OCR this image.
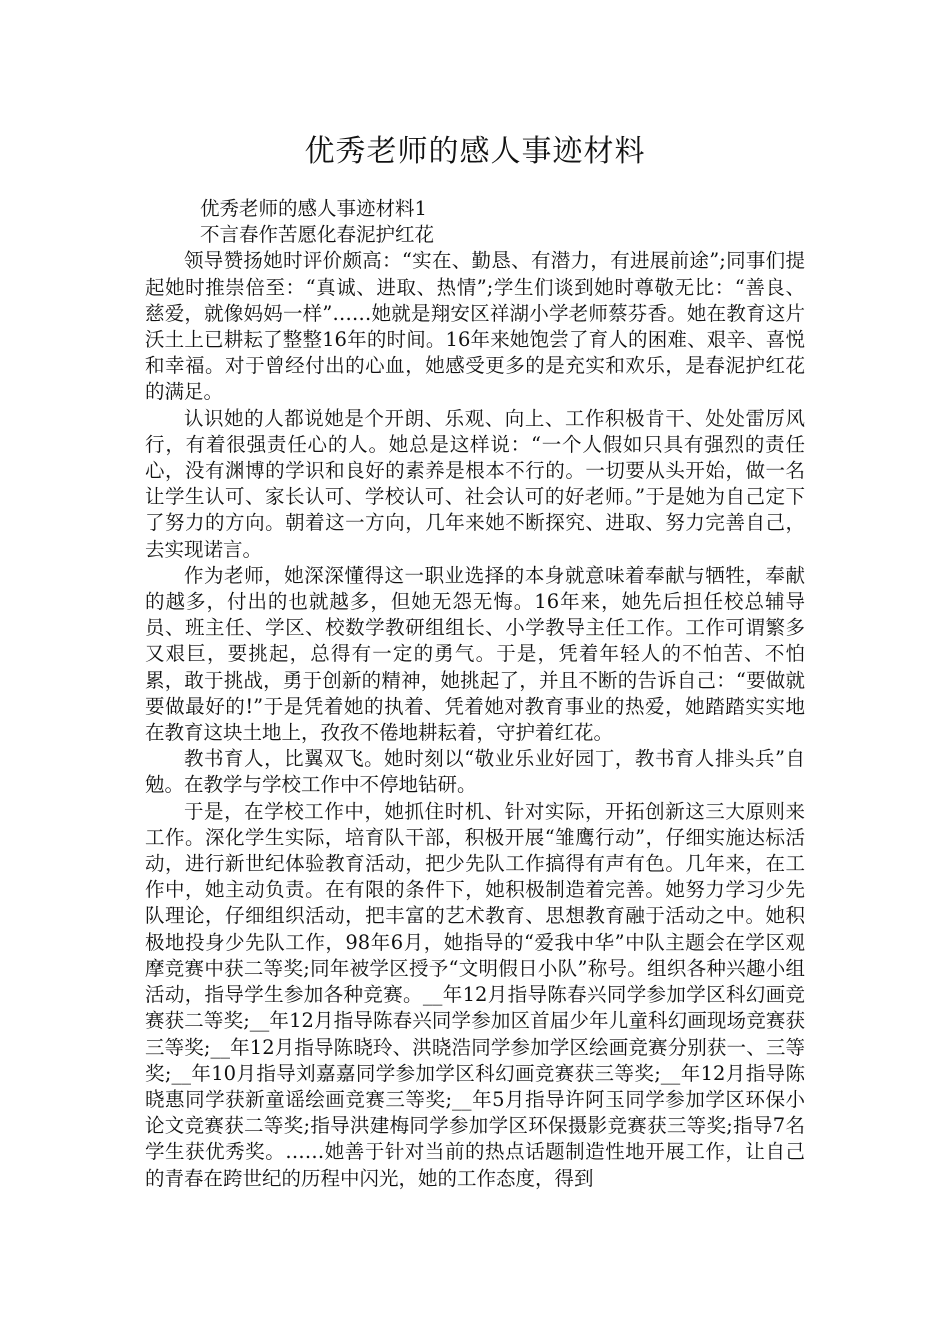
优秀老师的感人事迹材料

优秀老师的感人事迹材料1

不言春作苦愿化春泥护红花

领导赞扬她时评价颇高：“实在、勤恳、有潜力，有进展前途”;同事们提起她时推崇倍至：“真诚、进取、热情”;学生们谈到她时尊敬无比：“善良、慈爱，就像妈妈一样”……她就是翔安区祥湖小学老师蔡芬香。她在教育这片沃土上已耕耘了整整16年的时间。16年来她饱尝了育人的困难、艰辛、喜悦和幸福。对于曾经付出的心血，她感受更多的是充实和欢乐，是春泥护红花的满足。

认识她的人都说她是个开朗、乐观、向上、工作积极肯干、处处雷厉风行，有着很强责任心的人。她总是这样说：“一个人假如只具有强烈的责任心，没有渊博的学识和良好的素养是根本不行的。一切要从头开始，做一名让学生认可、家长认可、学校认可、社会认可的好老师。”于是她为自己定下了努力的方向。朝着这一方向，几年来她不断探究、进取、努力完善自己，去实现诺言。

作为老师，她深深懂得这一职业选择的本身就意味着奉献与牺牲，奉献的越多，付出的也就越多，但她无怨无悔。16年来，她先后担任校总辅导员、班主任、学区、校数学教研组组长、小学教导主任工作。工作可谓繁多又艰巨，要挑起，总得有一定的勇气。于是，凭着年轻人的不怕苦、不怕累，敢于挑战，勇于创新的精神，她挑起了，并且不断的告诉自己：“要做就要做最好的!”于是凭着她的执着、凭着她对教育事业的热爱，她踏踏实实地在教育这块土地上，孜孜不倦地耕耘着，守护着红花。

教书育人，比翼双飞。她时刻以“敬业乐业好园丁，教书育人排头兵”自勉。在教学与学校工作中不停地钻研。

于是，在学校工作中，她抓住时机、针对实际，开拓创新这三大原则来工作。深化学生实际，培育队干部，积极开展“雏鹰行动”，仔细实施达标活动，进行新世纪体验教育活动，把少先队工作搞得有声有色。几年来，在工作中，她主动负责。在有限的条件下，她积极制造着完善。她努力学习少先队理论，仔细组织活动，把丰富的艺术教育、思想教育融于活动之中。她积极地投身少先队工作，98年6月，她指导的“爱我中华”中队主题会在学区观摩竞赛中获二等奖;同年被学区授予“文明假日小队”称号。组织各种兴趣小组活动，指导学生参加各种竞赛。__年12月指导陈春兴同学参加学区科幻画竞赛获二等奖;__年12月指导陈春兴同学参加区首届少年儿童科幻画现场竞赛获三等奖;__年12月指导陈晓玲、洪晓浩同学参加学区绘画竞赛分别获一、三等奖;__年10月指导刘嘉嘉同学参加学区科幻画竞赛获三等奖;__年12月指导陈晓惠同学获新童谣绘画竞赛三等奖;__年5月指导许阿玉同学参加学区环保小论文竞赛获二等奖;指导洪建梅同学参加学区环保摄影竞赛获三等奖;指导7名学生获优秀奖。……她善于针对当前的热点话题制造性地开展工作，让自己的青春在跨世纪的历程中闪光，她的工作态度，得到
